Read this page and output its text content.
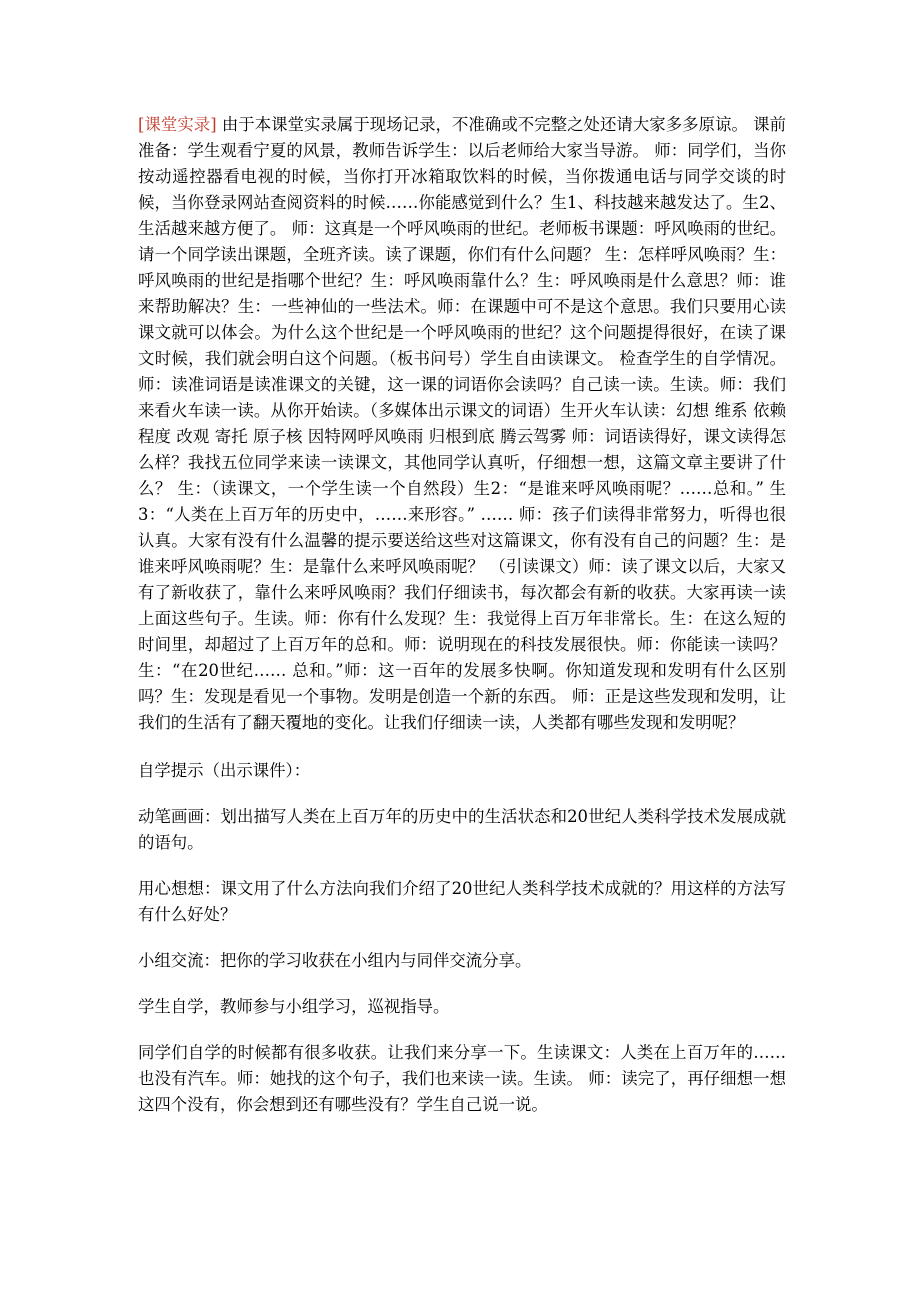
[课堂实录] 由于本课堂实录属于现场记录，不准确或不完整之处还请大家多多原谅。 课前准备：学生观看宁夏的风景，教师告诉学生：以后老师给大家当导游。 师：同学们，当你按动遥控器看电视的时候，当你打开冰箱取饮料的时候，当你拨通电话与同学交谈的时候，当你登录网站查阅资料的时候……你能感觉到什么？生1、科技越来越发达了。生2、生活越来越方便了。 师：这真是一个呼风唤雨的世纪。老师板书课题：呼风唤雨的世纪。请一个同学读出课题，全班齐读。读了课题，你们有什么问题？ 生：怎样呼风唤雨？生：呼风唤雨的世纪是指哪个世纪？生：呼风唤雨靠什么？生：呼风唤雨是什么意思？师：谁来帮助解决？生：一些神仙的一些法术。师：在课题中可不是这个意思。我们只要用心读课文就可以体会。为什么这个世纪是一个呼风唤雨的世纪？这个问题提得很好，在读了课文时候，我们就会明白这个问题。（板书问号）学生自由读课文。 检查学生的自学情况。师：读准词语是读准课文的关键，这一课的词语你会读吗？自己读一读。生读。师：我们来看火车读一读。从你开始读。（多媒体出示课文的词语）生开火车认读：幻想 维系 依赖 程度 改观 寄托 原子核 因特网呼风唤雨 归根到底 腾云驾雾 师：词语读得好，课文读得怎么样？我找五位同学来读一读课文，其他同学认真听，仔细想一想，这篇文章主要讲了什么？ 生：（读课文，一个学生读一个自然段）生2：“是谁来呼风唤雨呢？……总和。” 生3：“人类在上百万年的历史中，……来形容。” …… 师：孩子们读得非常努力，听得也很认真。大家有没有什么温馨的提示要送给这些对这篇课文，你有没有自己的问题？生：是谁来呼风唤雨呢？生：是靠什么来呼风唤雨呢？ （引读课文）师：读了课文以后，大家又有了新收获了，靠什么来呼风唤雨？我们仔细读书，每次都会有新的收获。大家再读一读上面这些句子。生读。师：你有什么发现？生：我觉得上百万年非常长。生：在这么短的时间里，却超过了上百万年的总和。师：说明现在的科技发展很快。师：你能读一读吗？生：“在20世纪…… 总和。”师：这一百年的发展多快啊。你知道发现和发明有什么区别吗？生：发现是看见一个事物。发明是创造一个新的东西。 师：正是这些发现和发明，让我们的生活有了翻天覆地的变化。让我们仔细读一读，人类都有哪些发现和发明呢？

自学提示（出示课件）：

动笔画画：划出描写人类在上百万年的历史中的生活状态和20世纪人类科学技术发展成就的语句。

用心想想：课文用了什么方法向我们介绍了20世纪人类科学技术成就的？用这样的方法写有什么好处？

小组交流：把你的学习收获在小组内与同伴交流分享。

学生自学，教师参与小组学习，巡视指导。

同学们自学的时候都有很多收获。让我们来分享一下。生读课文：人类在上百万年的…… 也没有汽车。师：她找的这个句子，我们也来读一读。生读。 师：读完了，再仔细想一想这四个没有，你会想到还有哪些没有？学生自己说一说。
